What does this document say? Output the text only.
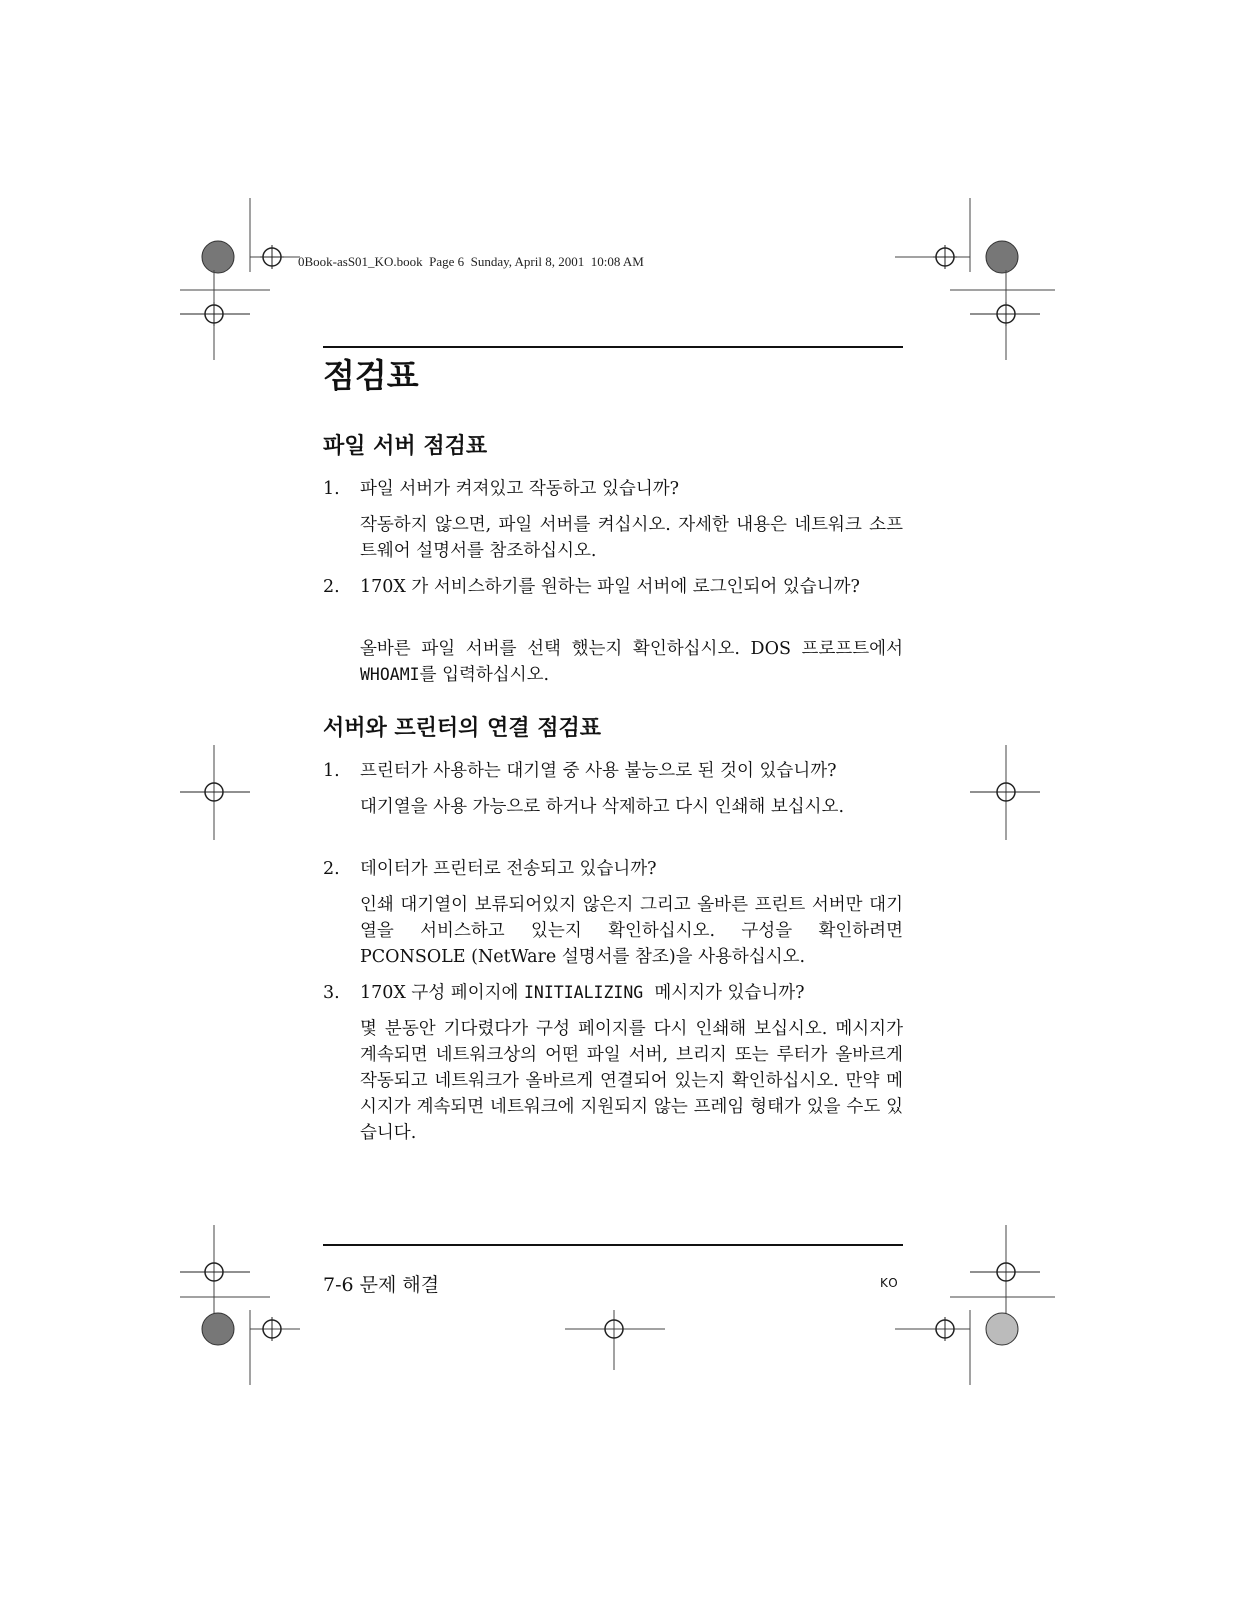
0Book-asS01_KO.book  Page 6  Sunday, April 8, 2001  10:08 AM
점검표
파일 서버 점검표
1.	파일 서버가 켜져있고 작동하고 있습니까?
작동하지 않으면, 파일 서버를 켜십시오. 자세한 내용은 네트워크 소프트웨어 설명서를 참조하십시오.
2.	170X 가 서비스하기를 원하는 파일 서버에 로그인되어 있습니까?
올바른 파일 서버를 선택 했는지 확인하십시오. DOS 프로프트에서 WHOAMI를 입력하십시오.
서버와 프린터의 연결 점검표
1.	프린터가 사용하는 대기열 중 사용 불능으로 된 것이 있습니까?
대기열을 사용 가능으로 하거나 삭제하고 다시 인쇄해 보십시오.
2.	데이터가 프린터로 전송되고 있습니까?
인쇄 대기열이 보류되어있지 않은지 그리고 올바른 프린트 서버만 대기열을 서비스하고 있는지 확인하십시오. 구성을 확인하려면 PCONSOLE (NetWare 설명서를 참조)을 사용하십시오.
3.	170X 구성 페이지에 INITIALIZING  메시지가 있습니까?
몇 분동안 기다렸다가 구성 페이지를 다시 인쇄해 보십시오. 메시지가 계속되면 네트워크상의 어떤 파일 서버, 브리지 또는 루터가 올바르게 작동되고 네트워크가 올바르게 연결되어 있는지 확인하십시오. 만약 메시지가 계속되면 네트워크에 지원되지 않는 프레임 형태가 있을 수도 있습니다.
7-6 문제 해결	KO
